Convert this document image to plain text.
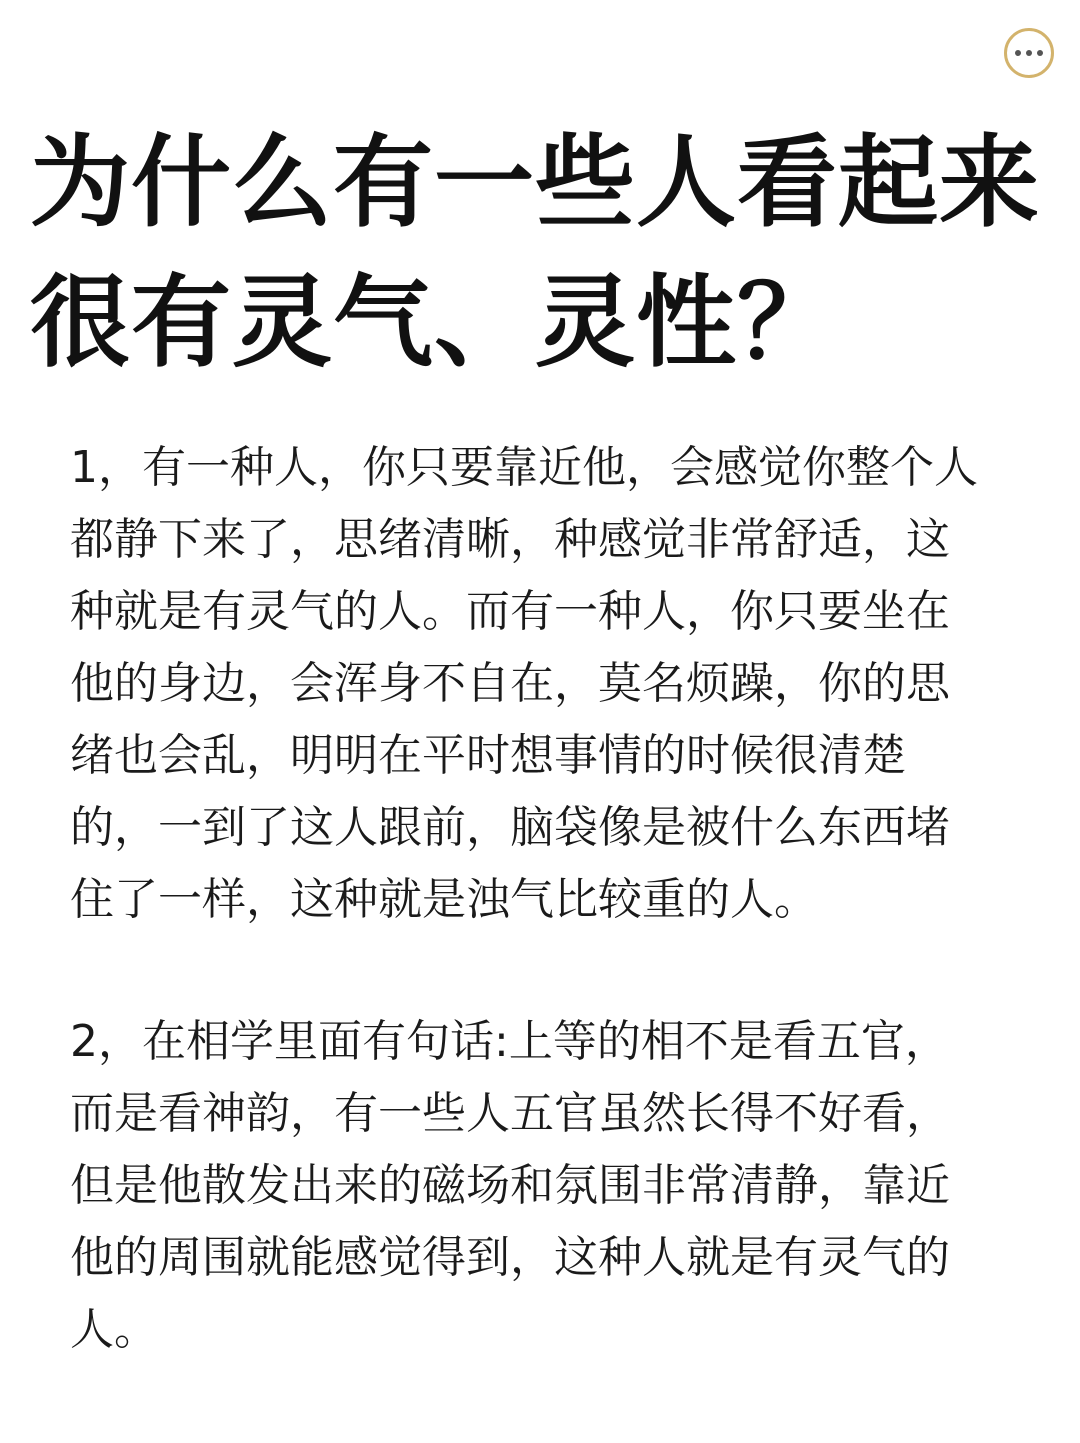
为什么有一些人看起来
很有灵气、灵性？

1，有一种人，你只要靠近他，会感觉你整个人
都静下来了，思绪清晰，种感觉非常舒适，这
种就是有灵气的人。而有一种人，你只要坐在
他的身边，会浑身不自在，莫名烦躁，你的思
绪也会乱，明明在平时想事情的时候很清楚
的，一到了这人跟前，脑袋像是被什么东西堵
住了一样，这种就是浊气比较重的人。

2，在相学里面有句话:上等的相不是看五官，
而是看神韵，有一些人五官虽然长得不好看，
但是他散发出来的磁场和氛围非常清静，靠近
他的周围就能感觉得到，这种人就是有灵气的
人。
